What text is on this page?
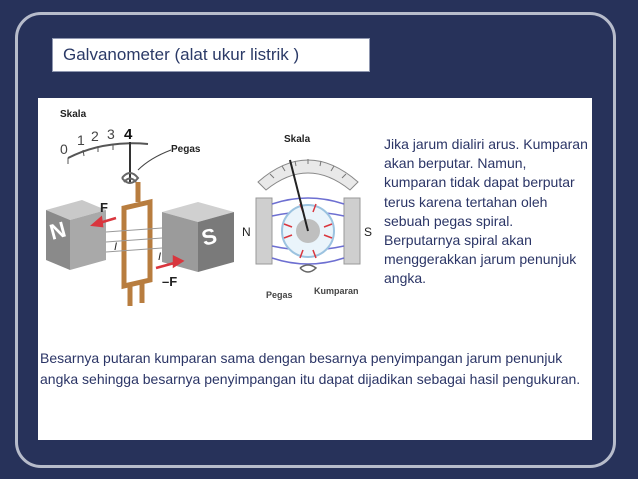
Galvanometer (alat ukur listrik )
Skala
0
1 2 3 4
Pegas
N	S
F
–F
I
I
Skala
N	S
Pegas Kumparan

Jika jarum dialiri arus. Kumparan akan berputar. Namun, kumparan tidak dapat berputar terus karena tertahan oleh sebuah pegas spiral. Berputarnya spiral akan menggerakkan jarum penunjuk angka.

Besarnya putaran kumparan sama dengan besarnya penyimpangan jarum penunjuk angka sehingga besarnya penyimpangan itu dapat dijadikan sebagai hasil pengukuran.
